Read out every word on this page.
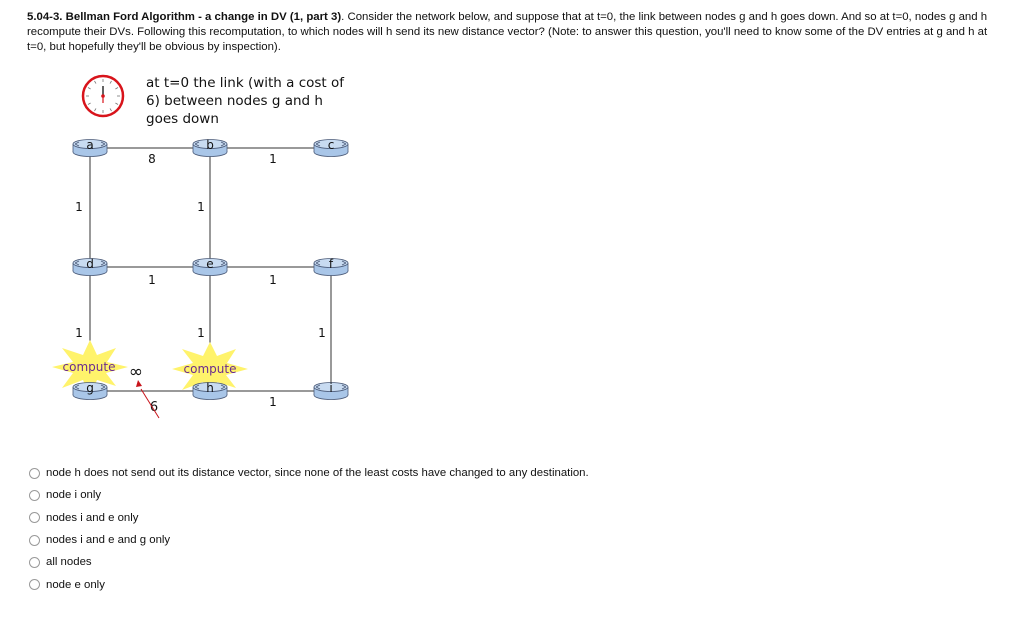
5.04-3. Bellman Ford Algorithm - a change in DV (1, part 3). Consider the network below, and suppose that at t=0, the link between nodes g and h goes down. And so at t=0, nodes g and h recompute their DVs. Following this recomputation, to which nodes will h send its new distance vector? (Note: to answer this question, you'll need to know some of the DV entries at g and h at t=0, but hopefully they'll be obvious by inspection).

a	b	c
d	e	f
g	h	i
8	1
1	1
1	1
1	1	1
1
∞
6
compute	compute
at t=0 the link (with a cost of
6) between nodes g and h
goes down
node h does not send out its distance vector, since none of the least costs have changed to any destination.
node i only
nodes i and e only
nodes i and e and g only
all nodes
node e only
